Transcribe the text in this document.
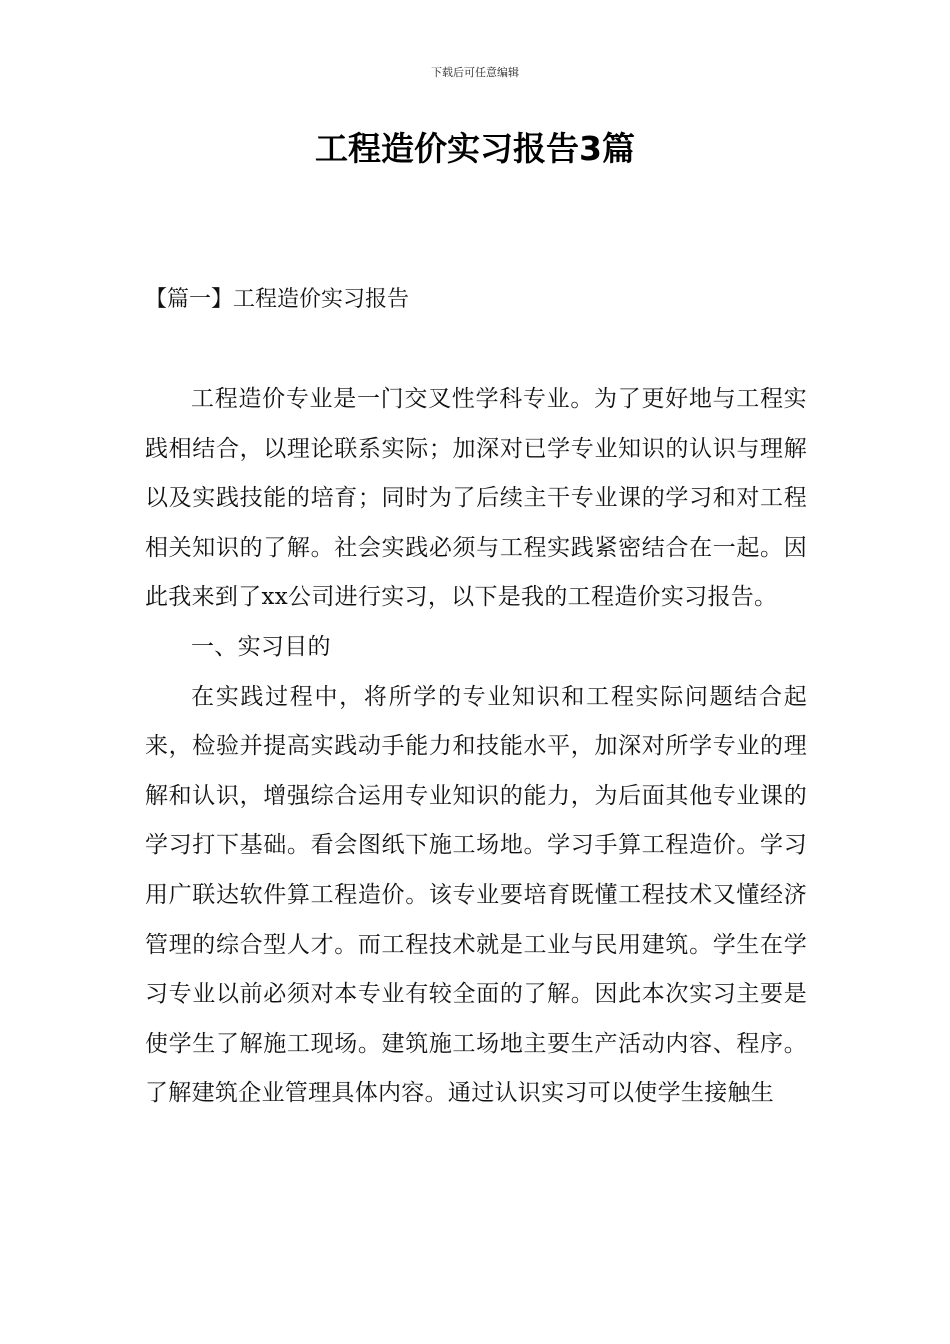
下载后可任意编辑
工程造价实习报告3篇
【篇一】工程造价实习报告

工程造价专业是一门交叉性学科专业。为了更好地与工程实践相结合，以理论联系实际；加深对已学专业知识的认识与理解以及实践技能的培育；同时为了后续主干专业课的学习和对工程相关知识的了解。社会实践必须与工程实践紧密结合在一起。因此我来到了xx公司进行实习，以下是我的工程造价实习报告。

一、实习目的

在实践过程中，将所学的专业知识和工程实际问题结合起来，检验并提高实践动手能力和技能水平，加深对所学专业的理解和认识，增强综合运用专业知识的能力，为后面其他专业课的学习打下基础。看会图纸下施工场地。学习手算工程造价。学习用广联达软件算工程造价。该专业要培育既懂工程技术又懂经济管理的综合型人才。而工程技术就是工业与民用建筑。学生在学习专业以前必须对本专业有较全面的了解。因此本次实习主要是使学生了解施工现场。建筑施工场地主要生产活动内容、程序。了解建筑企业管理具体内容。通过认识实习可以使学生接触生
